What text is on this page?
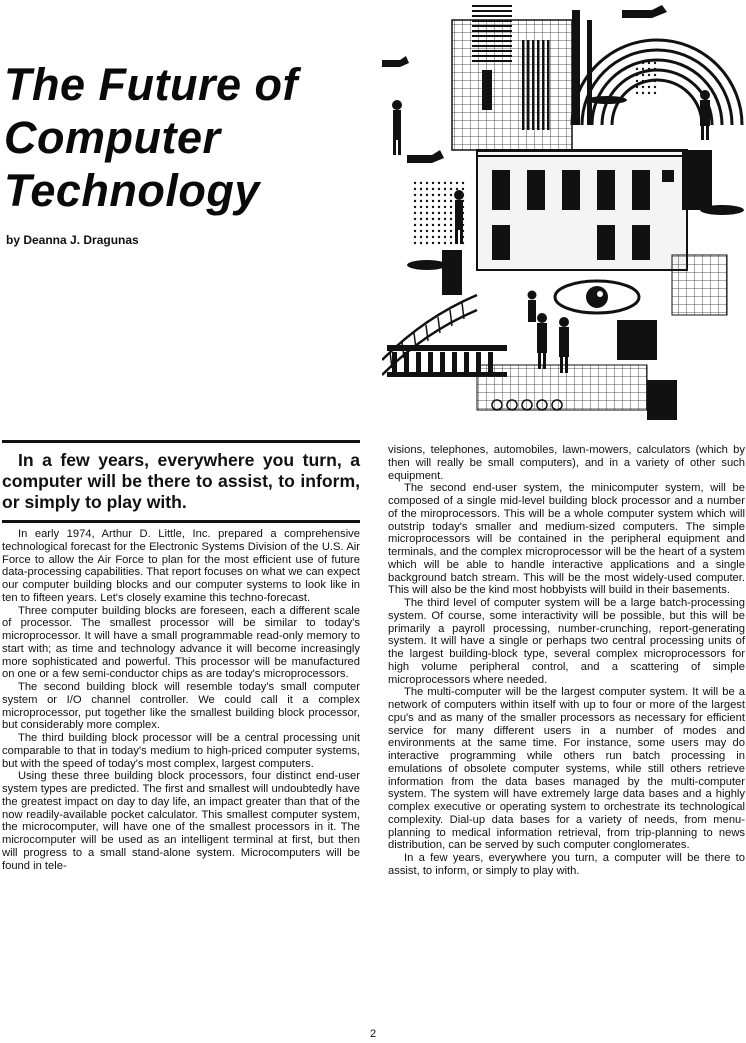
The Future of
Computer
Technology
by Deanna J. Dragunas

In a few years, everywhere you turn, a computer will be there to assist, to inform, or simply to play with.

In early 1974, Arthur D. Little, Inc. prepared a comprehensive technological forecast for the Electronic Systems Division of the U.S. Air Force to allow the Air Force to plan for the most efficient use of future data-processing capabilities. That report focuses on what we can expect our computer building blocks and our computer systems to look like in ten to fifteen years. Let's closely examine this techno-forecast.

Three computer building blocks are foreseen, each a different scale of processor. The smallest processor will be similar to today's microprocessor. It will have a small programmable read-only memory to start with; as time and technology advance it will become increasingly more sophisticated and powerful. This processor will be manufactured on one or a few semi-conductor chips as are today's microprocessors.

The second building block will resemble today's small computer system or I/O channel controller. We could call it a complex microprocessor, put together like the smallest building block processor, but considerably more complex.

The third building block processor will be a central processing unit comparable to that in today's medium to high-priced computer systems, but with the speed of today's most complex, largest computers.

Using these three building block processors, four distinct end-user system types are predicted. The first and smallest will undoubtedly have the greatest impact on day to day life, an impact greater than that of the now readily-available pocket calculator. This smallest computer system, the microcomputer, will have one of the smallest processors in it. The microcomputer will be used as an intelligent terminal at first, but then will progress to a small stand-alone system. Microcomputers will be found in tele-

visions, telephones, automobiles, lawn-mowers, calculators (which by then will really be small computers), and in a variety of other such equipment.

The second end-user system, the minicomputer system, will be composed of a single mid-level building block processor and a number of the miroprocessors. This will be a whole computer system which will outstrip today's smaller and medium-sized computers. The simple microprocessors will be contained in the peripheral equipment and terminals, and the complex microprocessor will be the heart of a system which will be able to handle interactive applications and a single background batch stream. This will be the most widely-used computer. This will also be the kind most hobbyists will build in their basements.

The third level of computer system will be a large batch-processing system. Of course, some interactivity will be possible, but this will be primarily a payroll processing, number-crunching, report-generating system. It will have a single or perhaps two central processing units of the largest building-block type, several complex microprocessors for high volume peripheral control, and a scattering of simple microprocessors where needed.

The multi-computer will be the largest computer system. It will be a network of computers within itself with up to four or more of the largest cpu's and as many of the smaller processors as necessary for efficient service for many different users in a number of modes and environments at the same time. For instance, some users may do interactive programming while others run batch processing in emulations of obsolete computer systems, while still others retrieve information from the data bases managed by the multi-computer system. The system will have extremely large data bases and a highly complex executive or operating system to orchestrate its technological complexity. Dial-up data bases for a variety of needs, from menu-planning to medical information retrieval, from trip-planning to news distribution, can be served by such computer conglomerates.

In a few years, everywhere you turn, a computer will be there to assist, to inform, or simply to play with.

2
